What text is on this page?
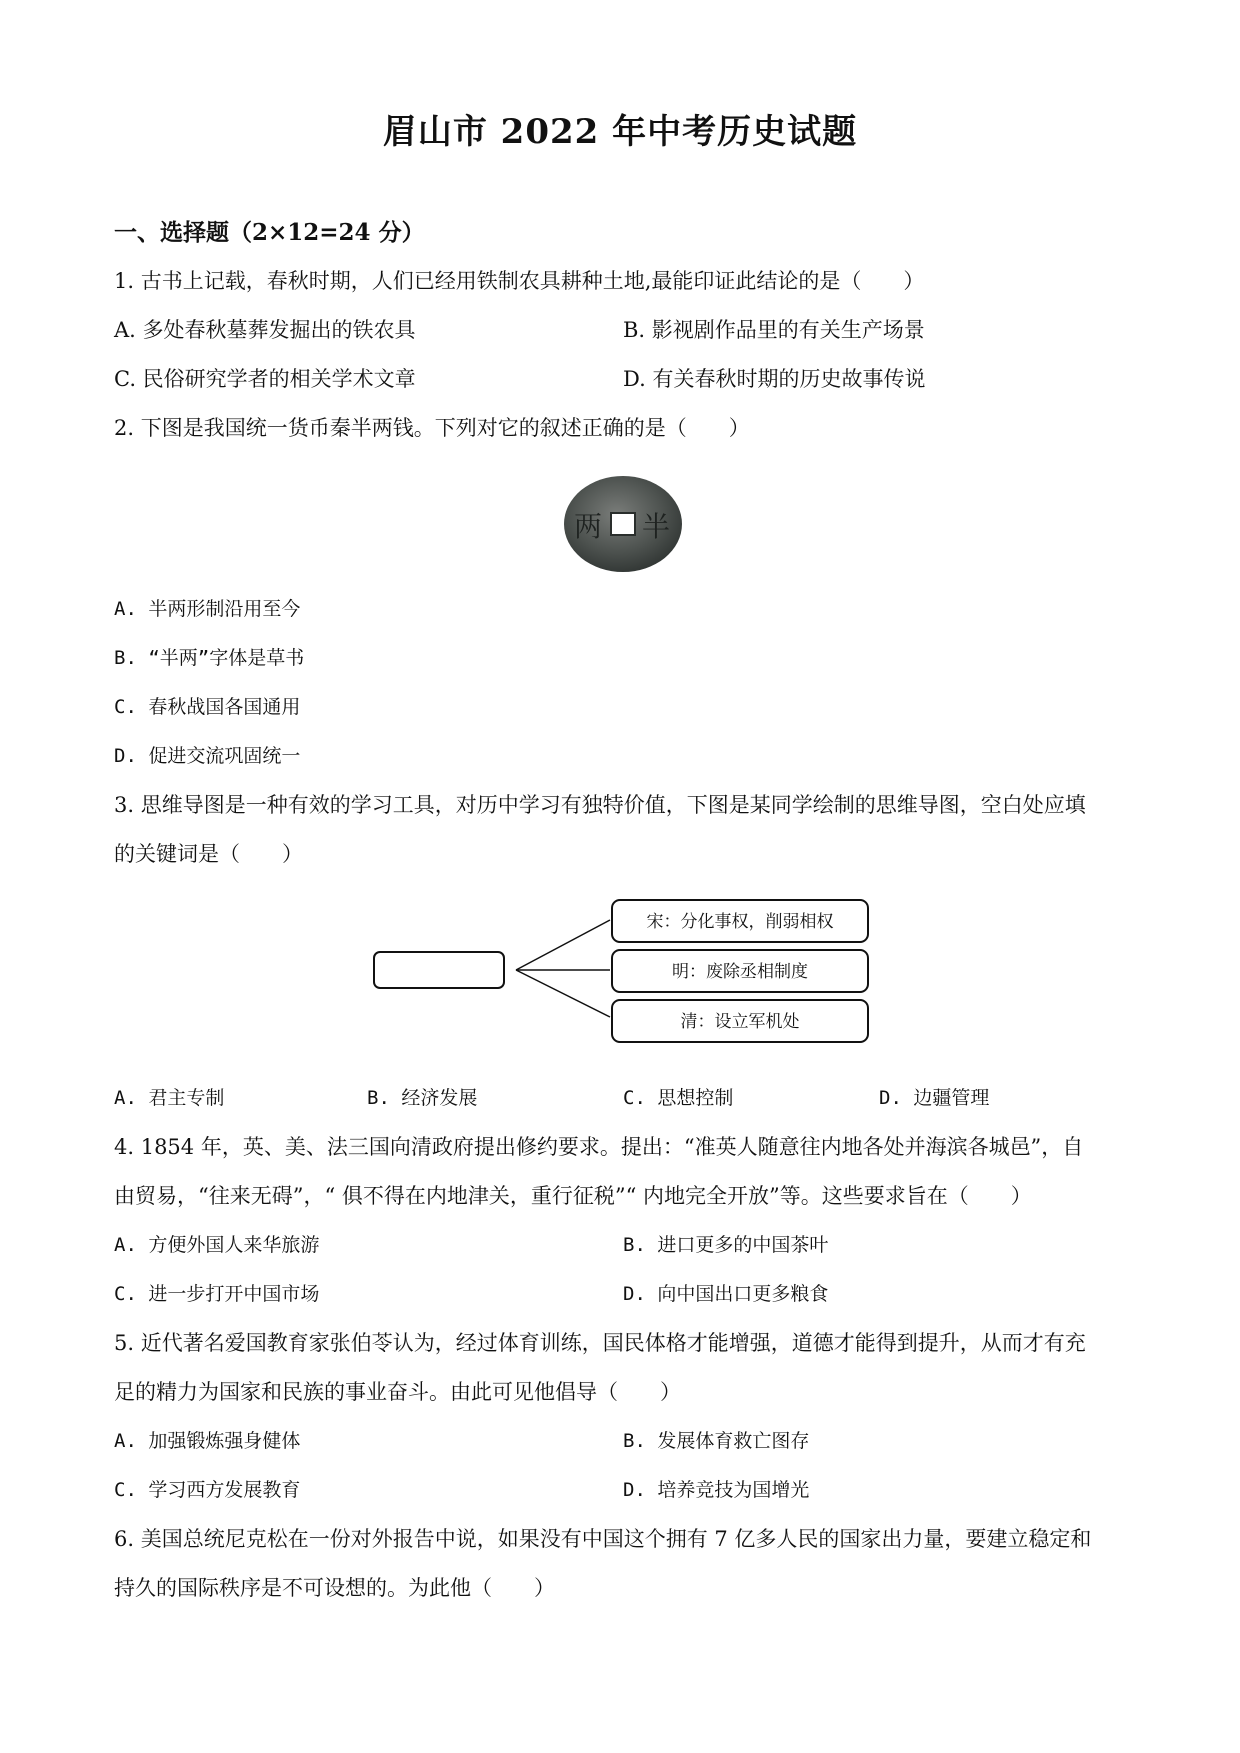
眉山市 2022 年中考历史试题
一、选择题（2×12=24 分）
1. 古书上记载，春秋时期，人们已经用铁制农具耕种土地,最能印证此结论的是（　　）
A. 多处春秋墓葬发掘出的铁农具	B. 影视剧作品里的有关生产场景
C. 民俗研究学者的相关学术文章	D. 有关春秋时期的历史故事传说
2. 下图是我国统一货币秦半两钱。下列对它的叙述正确的是（　　）
两 半
A. 半两形制沿用至今
B. “半两”字体是草书
C. 春秋战国各国通用
D. 促进交流巩固统一
3. 思维导图是一种有效的学习工具，对历中学习有独特价值，下图是某同学绘制的思维导图，空白处应填
的关键词是（　　）
宋：分化事权，削弱相权
明：废除丞相制度
清：设立军机处
A. 君主专制	B. 经济发展	C. 思想控制	D. 边疆管理
4. 1854 年，英、美、法三国向清政府提出修约要求。提出：“准英人随意往内地各处并海滨各城邑”，自
由贸易，“往来无碍”，“ 俱不得在内地津关，重行征税”“ 内地完全开放”等。这些要求旨在（　　）
A. 方便外国人来华旅游	B. 进口更多的中国茶叶
C. 进一步打开中国市场	D. 向中国出口更多粮食
5. 近代著名爱国教育家张伯苓认为，经过体育训练，国民体格才能增强，道德才能得到提升，从而才有充
足的精力为国家和民族的事业奋斗。由此可见他倡导（　　）
A. 加强锻炼强身健体	B. 发展体育救亡图存
C. 学习西方发展教育	D. 培养竞技为国增光
6. 美国总统尼克松在一份对外报告中说，如果没有中国这个拥有 7 亿多人民的国家出力量，要建立稳定和
持久的国际秩序是不可设想的。为此他（　　）
